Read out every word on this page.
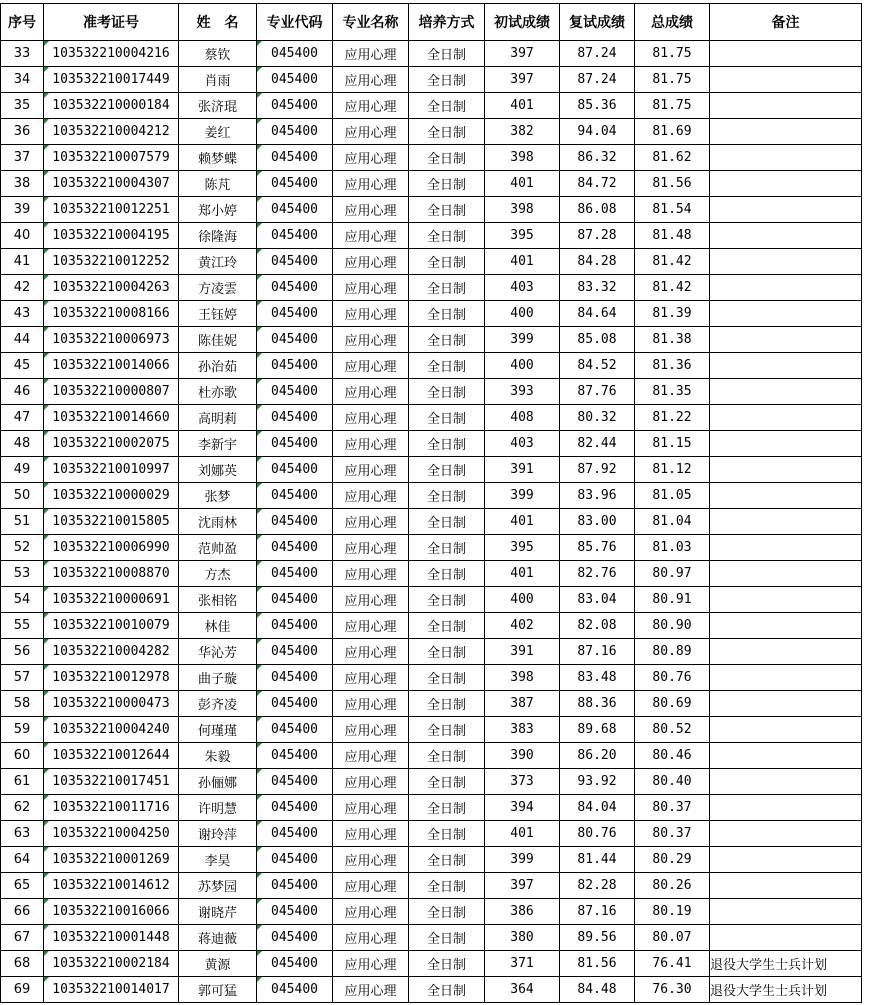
序号	准考证号	姓　名	专业代码	专业名称	培养方式	初试成绩	复试成绩	总成绩	备注
33	103532210004216	蔡钦	045400	应用心理	全日制	397	87.24	81.75	
34	103532210017449	肖雨	045400	应用心理	全日制	397	87.24	81.75	
35	103532210000184	张济琨	045400	应用心理	全日制	401	85.36	81.75	
36	103532210004212	姜红	045400	应用心理	全日制	382	94.04	81.69	
37	103532210007579	赖梦蝶	045400	应用心理	全日制	398	86.32	81.62	
38	103532210004307	陈芃	045400	应用心理	全日制	401	84.72	81.56	
39	103532210012251	郑小婷	045400	应用心理	全日制	398	86.08	81.54	
40	103532210004195	徐隆海	045400	应用心理	全日制	395	87.28	81.48	
41	103532210012252	黄江玲	045400	应用心理	全日制	401	84.28	81.42	
42	103532210004263	方凌雲	045400	应用心理	全日制	403	83.32	81.42	
43	103532210008166	王钰婷	045400	应用心理	全日制	400	84.64	81.39	
44	103532210006973	陈佳妮	045400	应用心理	全日制	399	85.08	81.38	
45	103532210014066	孙治茹	045400	应用心理	全日制	400	84.52	81.36	
46	103532210000807	杜亦歌	045400	应用心理	全日制	393	87.76	81.35	
47	103532210014660	高明莉	045400	应用心理	全日制	408	80.32	81.22	
48	103532210002075	李新宇	045400	应用心理	全日制	403	82.44	81.15	
49	103532210010997	刘娜英	045400	应用心理	全日制	391	87.92	81.12	
50	103532210000029	张梦	045400	应用心理	全日制	399	83.96	81.05	
51	103532210015805	沈雨林	045400	应用心理	全日制	401	83.00	81.04	
52	103532210006990	范帅盈	045400	应用心理	全日制	395	85.76	81.03	
53	103532210008870	方杰	045400	应用心理	全日制	401	82.76	80.97	
54	103532210000691	张相铭	045400	应用心理	全日制	400	83.04	80.91	
55	103532210010079	林佳	045400	应用心理	全日制	402	82.08	80.90	
56	103532210004282	华沁芳	045400	应用心理	全日制	391	87.16	80.89	
57	103532210012978	曲子璇	045400	应用心理	全日制	398	83.48	80.76	
58	103532210000473	彭齐凌	045400	应用心理	全日制	387	88.36	80.69	
59	103532210004240	何瑾瑾	045400	应用心理	全日制	383	89.68	80.52	
60	103532210012644	朱毅	045400	应用心理	全日制	390	86.20	80.46	
61	103532210017451	孙俪娜	045400	应用心理	全日制	373	93.92	80.40	
62	103532210011716	许明慧	045400	应用心理	全日制	394	84.04	80.37	
63	103532210004250	谢玲萍	045400	应用心理	全日制	401	80.76	80.37	
64	103532210001269	李昊	045400	应用心理	全日制	399	81.44	80.29	
65	103532210014612	苏梦园	045400	应用心理	全日制	397	82.28	80.26	
66	103532210016066	谢晓芹	045400	应用心理	全日制	386	87.16	80.19	
67	103532210001448	蒋迪薇	045400	应用心理	全日制	380	89.56	80.07	
68	103532210002184	黄源	045400	应用心理	全日制	371	81.56	76.41	退役大学生士兵计划
69	103532210014017	郭可猛	045400	应用心理	全日制	364	84.48	76.30	退役大学生士兵计划
